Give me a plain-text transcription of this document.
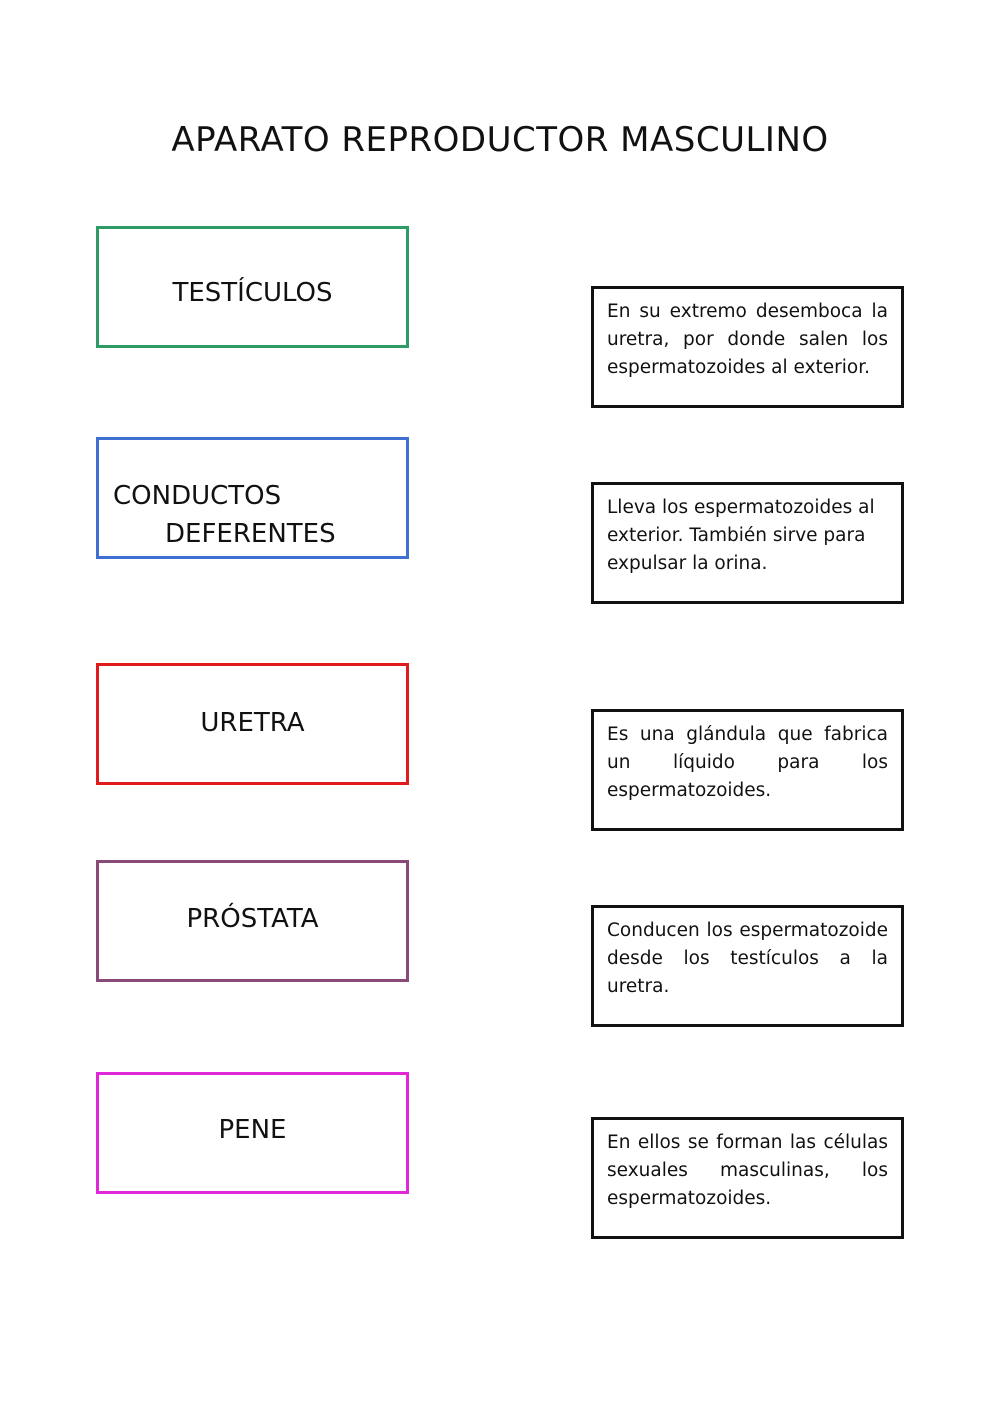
APARATO REPRODUCTOR MASCULINO
TESTÍCULOS
CONDUCTOS
DEFERENTES
URETRA
PRÓSTATA
PENE
En su extremo desemboca la uretra, por donde salen los espermatozoides al exterior.
Lleva los espermatozoides al exterior. También sirve para expulsar la orina.
Es una glándula que fabrica un líquido para los espermatozoides.
Conducen los espermatozoide desde los testículos a la uretra.
En ellos se forman las células sexuales masculinas, los espermatozoides.
